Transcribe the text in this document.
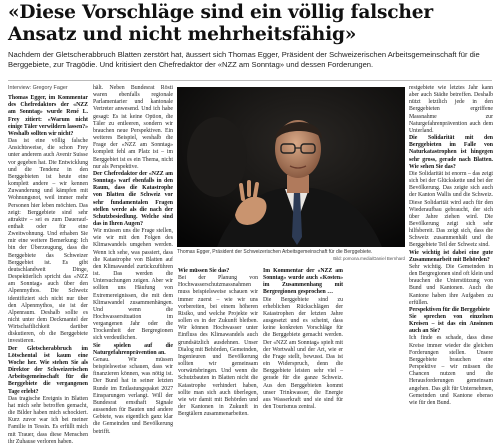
«Diese Vorschläge sind ein völlig falscher
Ansatz und nicht mehrheitsfähig»
Nachdem der Gletscherabbruch Blatten zerstört hat, äussert sich Thomas Egger, Präsident der Schweizerischen Arbeitsgemeinschaft für die Berggebiete, zur Tragödie. Und kritisiert den Chefredaktor der «NZZ am Sonntag» und dessen Forderungen.

Interview: Gregory Fager

Thomas Egger, im Kommentar des Chefredaktors der «NZZ am Sonntag» wurde René L. Frey zitiert: «Warum nicht einige Täler verwildern lassen?» Weshalb sollten wir nicht?

Das ist eine völlig falsche Ansichtsweise, die schon Frey unter anderem auch Avenir Suisse vor gegeben hat. Die Entwicklung und die Tendenz in den Berggebieten ist heute eine komplett andere – wir kennen Zuwanderung und kämpfen mit Wohnungsnot, weil immer mehr Personen hier leben möchten. Das zeigt: Berggebiete sind sehr attraktiv – sei es zum Daueraufenthalt oder für eine Zweitwohnung. Und erhaben Sie mir eine weitere Bemerkung: Ich bin der Überzeugung, dass die Berggebiete das Schweizer Berggebiet ist. Es gibt deutschlandweit Dinge, Despektierlich spricht das «NZZ am Sonntag» auch über den Alpenmythos. Die Schweiz identifiziert sich nicht nur über den Alpenmythos, sie ist der Alpenraum. Deshalb sollte es nicht unter dem Deckmantel der Wirtschaftlichkeit darüber diskutieren, ob die Berggebiete investieren.

Der Gletscherabbruch im Lötschental ist kaum eine Woche her. Wie stehen Sie als Direktor der Schweizerischen Arbeitsgemeinschaft für die Berggebiete die vergangenen Tage erlebt?

Das tragische Ereignis in Blatten hat mich sehr betroffen gemacht, die Bilder haben mich schockiert. Kurz zuvor war ich bei meiner Familie in Tessin. Es erfüllt mich mit Trauer, dass diese Menschen ihr Zuhause verloren haben.

hält. Neben Bundesrat Rösti waren ebenfalls regionale Parlamentarier und kantonale Vertreter anwesend. Und ich habe gesagt: Es ist keine Option, die Täler zu entleeren, sondern wir brauchen neue Perspektiven. Ein weiteres Beispiel, weshalb die Frage der «NZZ am Sonntag» komplett fehl am Platz ist – im Berggebiet ist es ein Thema, nicht nur als Perspektive.

Der Chefredaktor der «NZZ am Sonntag» warf ebenfalls in den Raum, dass die Katastrophe von Blatten die Schweiz vor sehr fundamentalen Fragen stellen werde als die nach der Schutzbesiedlung. Welche sind das in Ihren Augen?

Wir müssen uns die Frage stellen, wie wir mit den Folgen des Klimawandels umgehen werden. Wenn ich sehe, was passiert, dass die Katastrophe von Blatten auf den Klimawandel zurückzuführen ist. Das werden die Untersuchungen zeigen. Aber wir sollten uns Häufung von Extremereignissen, die mit dem Klimawandel zusammenhängen. Und wenn die Hochwassersituation im vergangenen Jahr oder die Trockenheit der Bergregionen sich verdeutlichen.

Sie spielen auf die Naturgefahrenprävention an.

Genau. Wir müssen beispielsweise schauen, dass wir finanzieren können, was nötig ist. Der Bund hat in seiner letzten Runde im Entlastungspaket 2027 Einsparungen verlangt. Will der Bundesrat ernsthaft Signale aussenden für Bauten und andere Gebiete, was eigentlich ganz klar die Gemeinden und Bevölkerung betrifft.

Thomas Egger, Präsident der Schweizerischen Arbeitsgemeinschaft für die Berggebiete.
Bild: pomona.media/Daniel Bernhard

Wie müssen Sie das?

Bei der Planung von Hochwasserschutzmassnahmen muss beispielsweise schauen wir immer zuerst – wie wir uns vorbereiten, bei einem höheren Risiko, und welche Projekte wir sollen es in der Zukunft bleiben. Wir können Hochwasser unter Einfluss des Klimawandels auch grundsätzlich ausdehnen. Unser Dialog mit Behörden, Gemeinden, Ingenieuren und Bevölkerung sollten wir gemeinsam vorwärtsbringen. Und wenn die Schutzbauten in Blatten nicht die Katastrophe verhindert haben, sollte man sich auch überlegen, wie wir damit mit Behörden und der Kantonen in Zukunft in Bergtälern zusammenarbeiten.

Im Kommentar der «NZZ am Sonntag» wurde auch «Kosten» im Zusammenhang mit Bergregionen gesprochen …

Die Berggebiete sind zu erheblichen Rückschlägen der Katastrophen der letzten Jahre ausgesetzt und es scheint, dass keine konkreten Vorschläge für die Berggebiete gemacht werden. Der «NZZ am Sonntag» spielt mit der Wortwahl und der Art, wie er die Frage stellt, bewusst. Das ist ein Widerspruch, denn die Berggebiete leisten sehr viel – gerade für die ganze Schweiz. Aus den Berggebieten kommt unser Trinkwasser, die Energie aus Wasserkraft und sie sind für den Tourismus zentral.

restgebiete wie letztes Jahr kann aber auch Städte betreffen. Deshalb nützt letztlich jede in den Berggebieten ergriffene Massnahme zur Naturgefahrenprävention auch dem Unterland.

Die Solidarität mit den Berggebieten im Falle von Naturkatastrophen ist hingegen sehr gross, gerade nach Blatten. Wie sehen Sie das?

Die Solidarität ist enorm – das zeigt sich bei der Glückskette und bei der Bevölkerung. Das zeigte sich auch der Kanton Wallis und die Schweiz. Diese Solidarität wird auch für den Wiederaufbau gebraucht, der sich über Jahre ziehen wird. Die Bevölkerung zeigt sich sehr hilfsbereit. Das zeigt sich, dass die Schweiz zusammenhält und die Berggebiete Teil der Schweiz sind.

Wie wichtig ist dabei eine gute Zusammenarbeit mit Behörden?

Sehr wichtig. Die Gemeinden in den Bergregionen sind oft klein und brauchen die Unterstützung von Bund und Kantonen. Auch die Kantone haben ihre Aufgaben zu erfüllen.

Perspektiven für die Berggebiete

Sie sprechen von einzelnen Kreisen – ist das ein Ansinnen auch an Sie?

Ich finde es schade, dass diese Kreise immer wieder die gleichen Forderungen stellen. Unsere Berggebiete brauchen eine Perspektive – wir müssen die Chancen nutzen und die Herausforderungen gemeinsam angehen. Das gilt für Unternehmen, Gemeinden und Kantone ebenso wie für den Bund.
